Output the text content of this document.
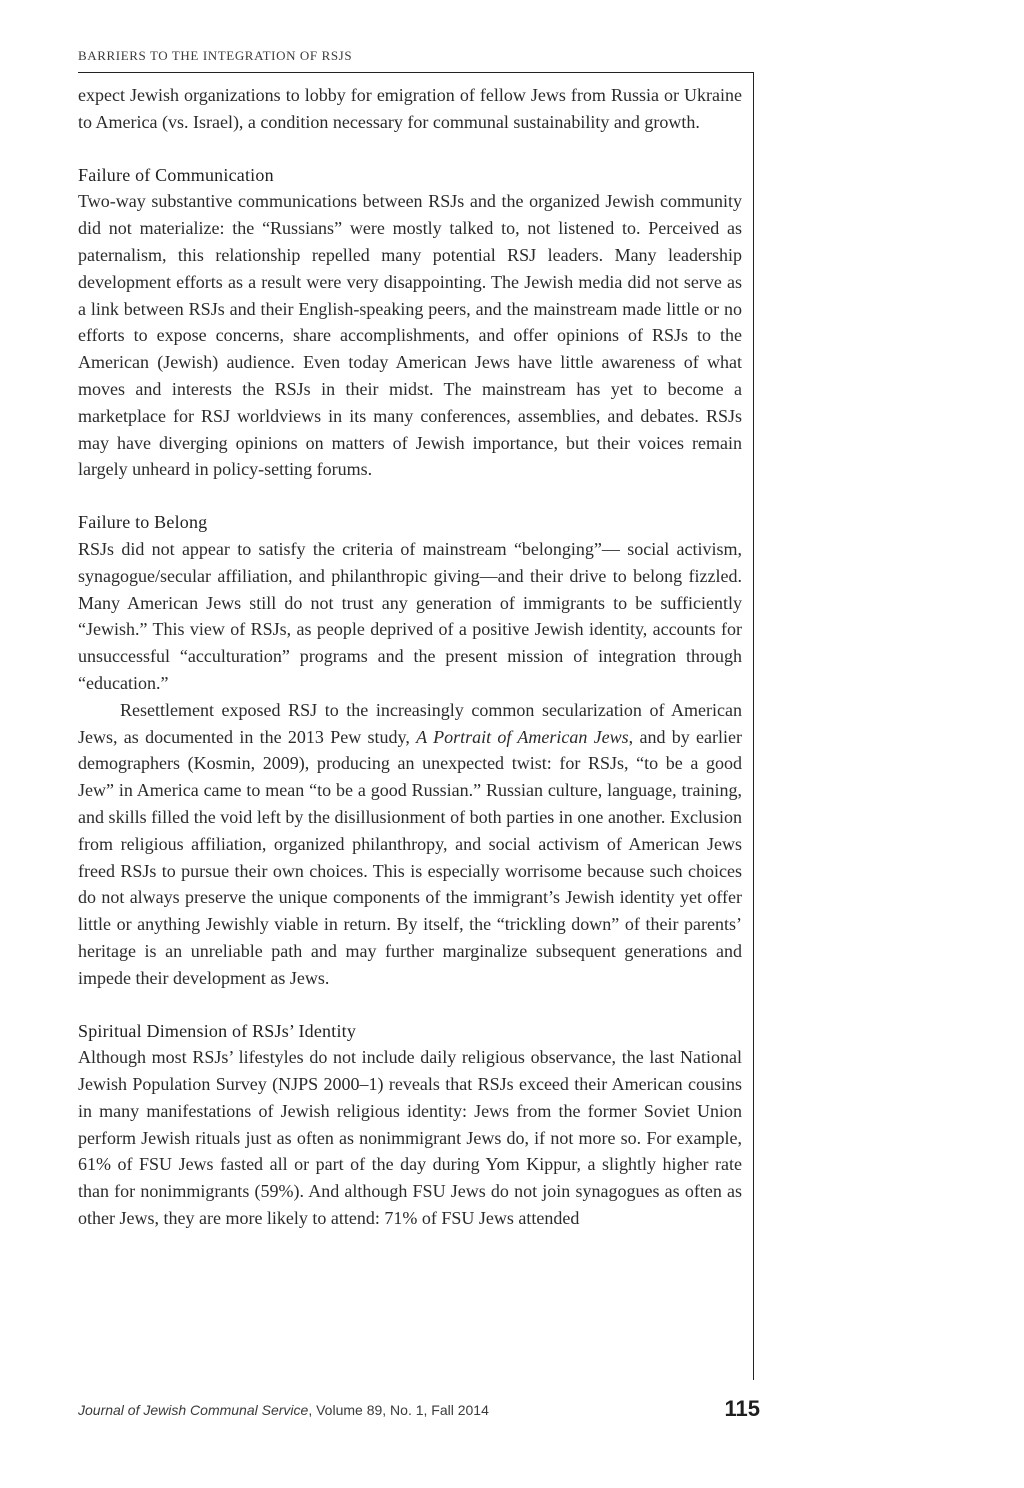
BARRIERS TO THE INTEGRATION OF RSJS

expect Jewish organizations to lobby for emigration of fellow Jews from Russia or Ukraine to America (vs. Israel), a condition necessary for communal sustainability and growth.

Failure of Communication

Two-way substantive communications between RSJs and the organized Jewish community did not materialize: the “Russians” were mostly talked to, not listened to. Perceived as paternalism, this relationship repelled many potential RSJ leaders. Many leadership development efforts as a result were very disappointing. The Jewish media did not serve as a link between RSJs and their English-speaking peers, and the mainstream made little or no efforts to expose concerns, share accomplishments, and offer opinions of RSJs to the American (Jewish) audience. Even today American Jews have little awareness of what moves and interests the RSJs in their midst. The mainstream has yet to become a marketplace for RSJ worldviews in its many conferences, assemblies, and debates. RSJs may have diverging opinions on matters of Jewish importance, but their voices remain largely unheard in policy-setting forums.

Failure to Belong

RSJs did not appear to satisfy the criteria of mainstream “belonging”— social activism, synagogue/secular affiliation, and philanthropic giving—and their drive to belong fizzled. Many American Jews still do not trust any generation of immigrants to be sufficiently “Jewish.” This view of RSJs, as people deprived of a positive Jewish identity, accounts for unsuccessful “acculturation” programs and the present mission of integration through “education.”

Resettlement exposed RSJ to the increasingly common secularization of American Jews, as documented in the 2013 Pew study, A Portrait of American Jews, and by earlier demographers (Kosmin, 2009), producing an unexpected twist: for RSJs, “to be a good Jew” in America came to mean “to be a good Russian.” Russian culture, language, training, and skills filled the void left by the disillusionment of both parties in one another. Exclusion from religious affiliation, organized philanthropy, and social activism of American Jews freed RSJs to pursue their own choices. This is especially worrisome because such choices do not always preserve the unique components of the immigrant’s Jewish identity yet offer little or anything Jewishly viable in return. By itself, the “trickling down” of their parents’ heritage is an unreliable path and may further marginalize subsequent generations and impede their development as Jews.

Spiritual Dimension of RSJs’ Identity

Although most RSJs’ lifestyles do not include daily religious observance, the last National Jewish Population Survey (NJPS 2000–1) reveals that RSJs exceed their American cousins in many manifestations of Jewish religious identity: Jews from the former Soviet Union perform Jewish rituals just as often as nonimmigrant Jews do, if not more so. For example, 61% of FSU Jews fasted all or part of the day during Yom Kippur, a slightly higher rate than for nonimmigrants (59%). And although FSU Jews do not join synagogues as often as other Jews, they are more likely to attend: 71% of FSU Jews attended

Journal of Jewish Communal Service, Volume 89, No. 1, Fall 2014	115
